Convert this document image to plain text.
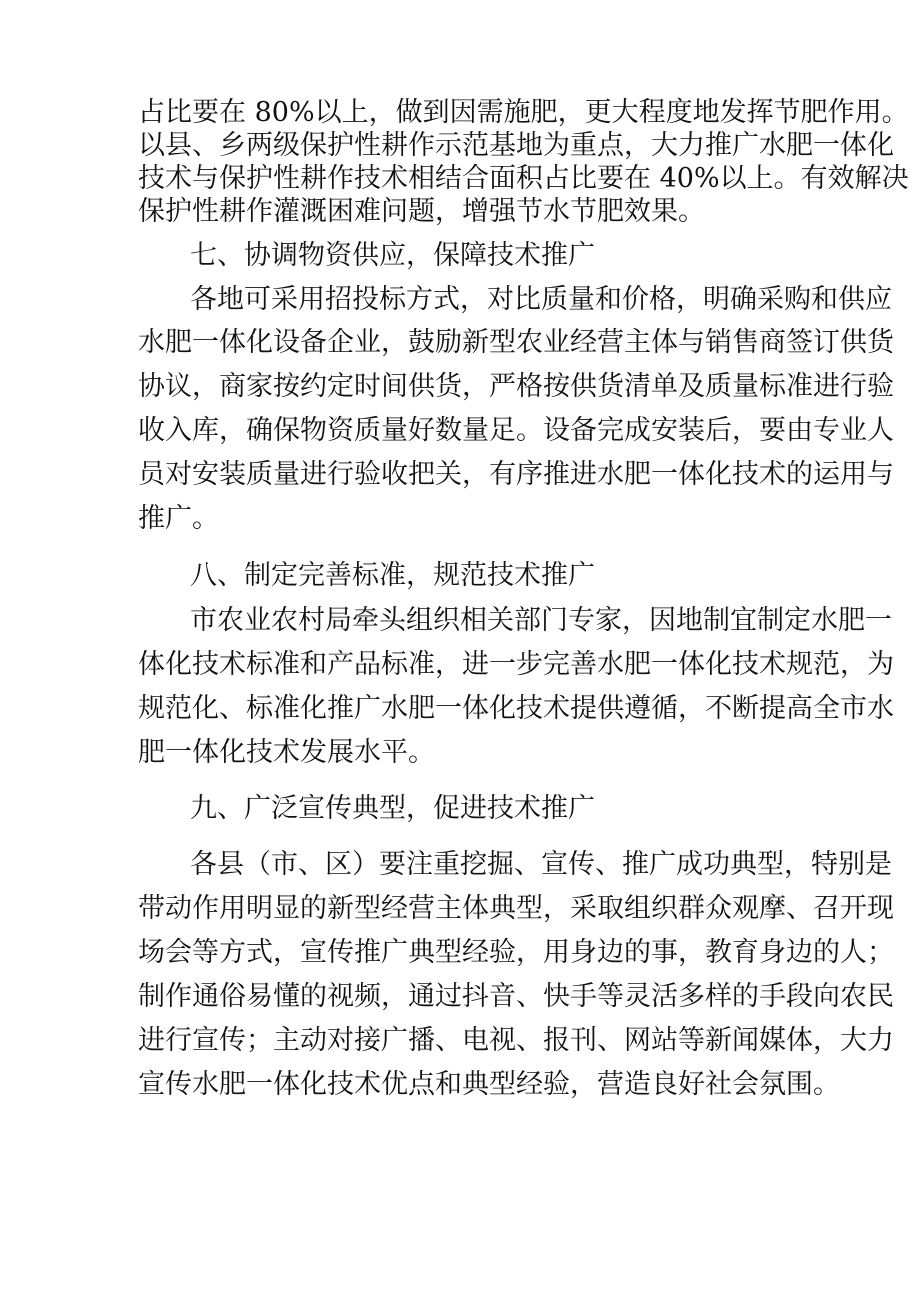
占比要在 80%以上，做到因需施肥，更大程度地发挥节肥作用。
以县、乡两级保护性耕作示范基地为重点，大力推广水肥一体化
技术与保护性耕作技术相结合面积占比要在 40%以上。有效解决
保护性耕作灌溉困难问题，增强节水节肥效果。
七、协调物资供应，保障技术推广
各地可采用招投标方式，对比质量和价格，明确采购和供应
水肥一体化设备企业，鼓励新型农业经营主体与销售商签订供货
协议，商家按约定时间供货，严格按供货清单及质量标准进行验
收入库，确保物资质量好数量足。设备完成安装后，要由专业人
员对安装质量进行验收把关，有序推进水肥一体化技术的运用与
推广。
八、制定完善标准，规范技术推广
市农业农村局牵头组织相关部门专家，因地制宜制定水肥一
体化技术标准和产品标准，进一步完善水肥一体化技术规范，为
规范化、标准化推广水肥一体化技术提供遵循，不断提高全市水
肥一体化技术发展水平。
九、广泛宣传典型，促进技术推广
各县（市、区）要注重挖掘、宣传、推广成功典型，特别是
带动作用明显的新型经营主体典型，采取组织群众观摩、召开现
场会等方式，宣传推广典型经验，用身边的事，教育身边的人；
制作通俗易懂的视频，通过抖音、快手等灵活多样的手段向农民
进行宣传；主动对接广播、电视、报刊、网站等新闻媒体，大力
宣传水肥一体化技术优点和典型经验，营造良好社会氛围。
